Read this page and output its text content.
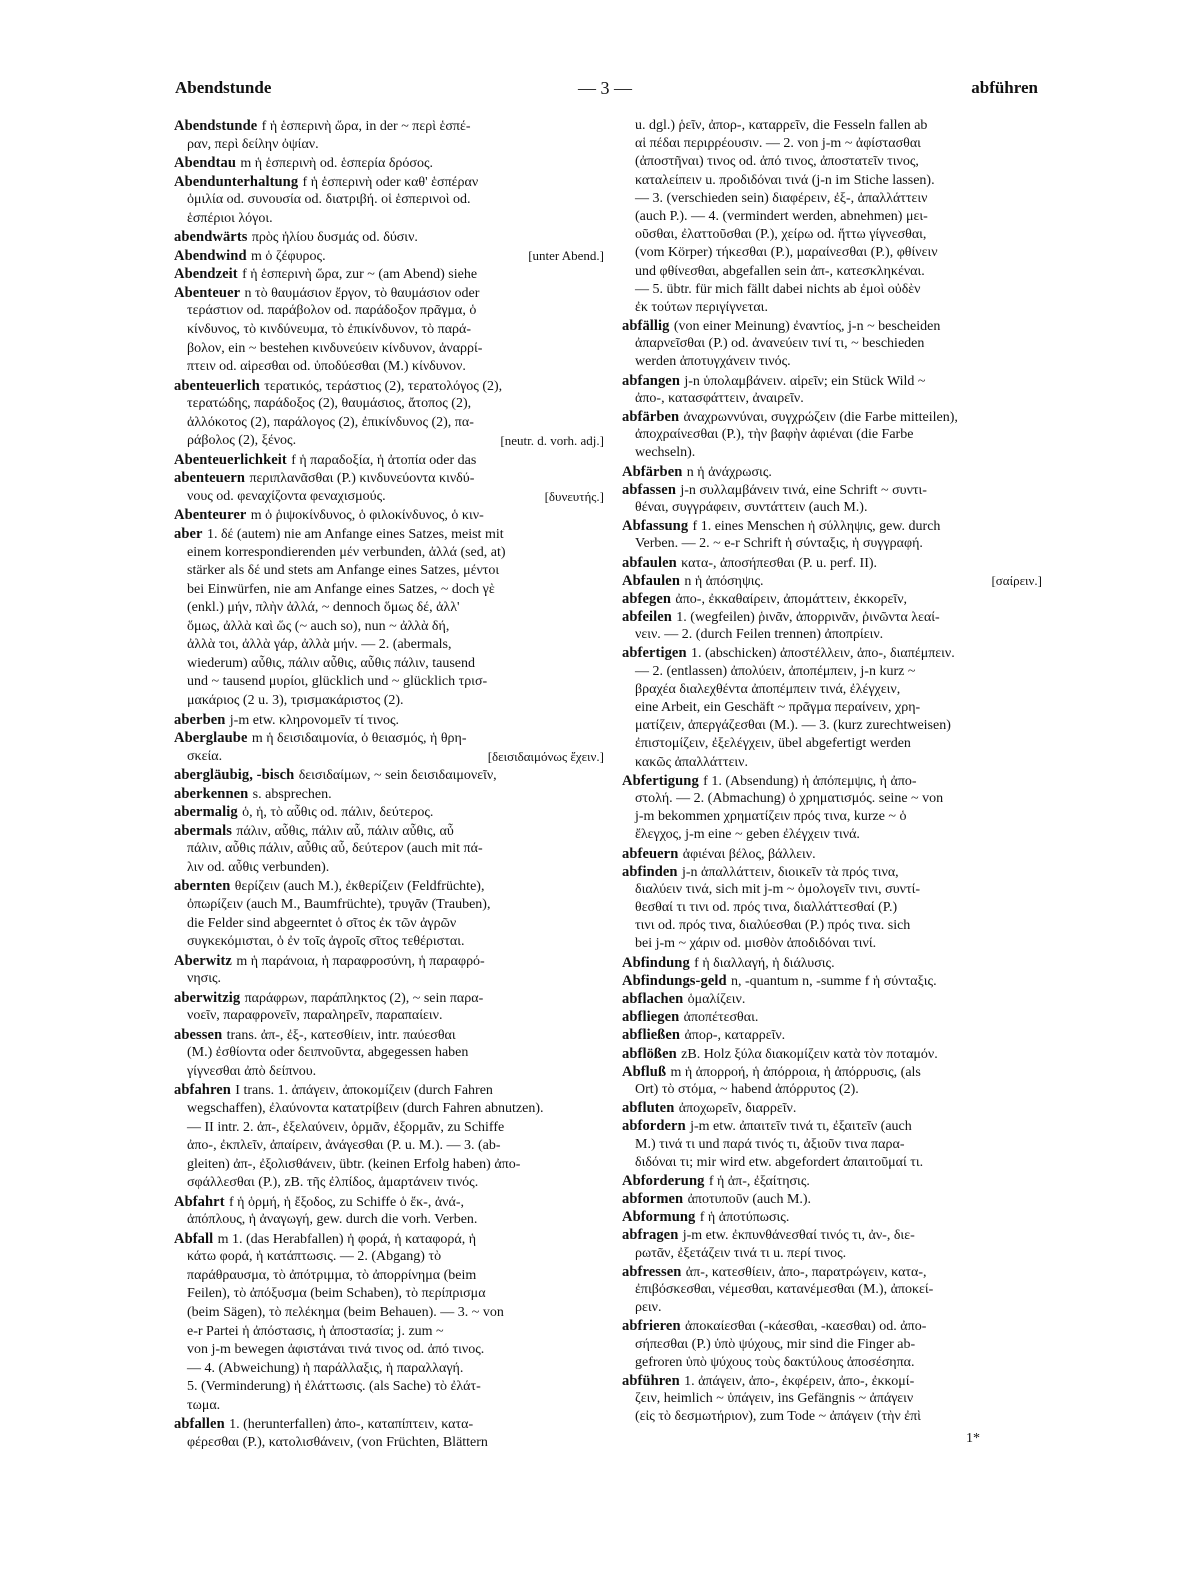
Abendstunde	— 3 —	abführen
Abendstunde f ἡ ἑσπερινὴ ὥρα, in der ~ περὶ ἑσπέ-
ραν, περὶ δείλην ὀψίαν.
Abendtau m ἡ ἑσπερινὴ od. ἑσπερία δρόσος.
Abendunterhaltung f ἡ ἑσπερινὴ oder καθ' ἑσπέραν
ὁμιλία od. συνουσία od. διατριβή. οἱ ἑσπερινοὶ od.
ἑσπέριοι λόγοι.
abendwärts πρὸς ἡλίου δυσμάς od. δύσιν.
Abendwind m ὁ ζέφυρος.	[unter Abend.]
Abendzeit f ἡ ἑσπερινὴ ὥρα, zur ~ (am Abend) siehe
Abenteuer n τὸ θαυμάσιον ἔργον, τὸ θαυμάσιον oder
τεράστιον od. παράβολον od. παράδοξον πρᾶγμα, ὁ
κίνδυνος, τὸ κινδύνευμα, τὸ ἐπικίνδυνον, τὸ παρά-
βολον, ein ~ bestehen κινδυνεύειν κίνδυνον, ἀναρρί-
πτειν od. αἱρεσθαι od. ὑποδύεσθαι (M.) κίνδυνον.
abenteuerlich τερατικός, τεράστιος (2), τερατολόγος (2),
τερατώδης, παράδοξος (2), θαυμάσιος, ἄτοπος (2),
ἀλλόκοτος (2), παράλογος (2), ἐπικίνδυνος (2), πα-
ράβολος (2), ξένος.	[neutr. d. vorh. adj.]
Abenteuerlichkeit f ἡ παραδοξία, ἡ ἀτοπία oder das
abenteuern περιπλανᾶσθαι (P.) κινδυνεύοντα κινδύ-
νους od. φεναχίζοντα φεναχισμούς.	[δυνευτής.]
Abenteurer m ὁ ῥιψοκίνδυνος, ὁ φιλοκίνδυνος, ὁ κιν-
aber 1. δέ (autem) nie am Anfange eines Satzes, meist mit
einem korrespondierenden μέν verbunden, ἀλλά (sed, at)
stärker als δέ und stets am Anfange eines Satzes, μέντοι
bei Einwürfen, nie am Anfange eines Satzes, ~ doch γὲ
(enkl.) μήν, πλὴν ἀλλά, ~ dennoch ὅμως δέ, ἀλλ'
ὅμως, ἀλλὰ καὶ ὥς (~ auch so), nun ~ ἀλλὰ δή,
ἀλλὰ τοι, ἀλλὰ γάρ, ἀλλὰ μήν. — 2. (abermals,
wiederum) αὖθις, πάλιν αὖθις, αὖθις πάλιν, tausend
und ~ tausend μυρίοι, glücklich und ~ glücklich τρισ-
μακάριος (2 u. 3), τρισμακάριστος (2).
aberben j-m etw. κληρονομεῖν τί τινος.
Aberglaube m ἡ δεισιδαιμονία, ὁ θειασμός, ἡ θρη-
σκεία.	[δεισιδαιμόνως ἔχειν.]
abergläubig, -bisch δεισιδαίμων, ~ sein δεισιδαιμονεῖν,
aberkennen s. absprechen.
abermalig ὁ, ἡ, τὸ αὖθις od. πάλιν, δεύτερος.
abermals πάλιν, αὖθις, πάλιν αὖ, πάλιν αὖθις, αὖ
πάλιν, αὖθις πάλιν, αὖθις αὖ, δεύτερον (auch mit πά-
λιν od. αὖθις verbunden).
abernten θερίζειν (auch M.), ἐκθερίζειν (Feldfrüchte),
ὀπωρίζειν (auch M., Baumfrüchte), τρυγᾶν (Trauben),
die Felder sind abgeerntet ὁ σῖτος ἐκ τῶν ἀγρῶν
συγκεκόμισται, ὁ ἐν τοῖς ἀγροῖς σῖτος τεθέρισται.
Aberwitz m ἡ παράνοια, ἡ παραφροσύνη, ἡ παραφρό-
νησις.
aberwitzig παράφρων, παράπληκτος (2), ~ sein παρα-
νοεῖν, παραφρονεῖν, παραληρεῖν, παραπαίειν.
abessen trans. ἀπ-, ἐξ-, κατεσθίειν, intr. παύεσθαι
(M.) ἐσθίοντα oder δειπνοῦντα, abgegessen haben
γίγνεσθαι ἀπὸ δείπνου.
abfahren I trans. 1. ἀπάγειν, ἀποκομίζειν (durch Fahren
wegschaffen), ἐλαύνοντα κατατρίβειν (durch Fahren abnutzen).
— II intr. 2. ἀπ-, ἐξελαύνειν, ὁρμᾶν, ἐξορμᾶν, zu Schiffe
ἀπο-, ἐκπλεῖν, ἀπαίρειν, ἀνάγεσθαι (P. u. M.). — 3. (ab-
gleiten) ἀπ-, ἐξολισθάνειν, übtr. (keinen Erfolg haben) ἀπο-
σφάλλεσθαι (P.), zB. τῆς ἐλπίδος, ἁμαρτάνειν τινός.
Abfahrt f ἡ ὁρμή, ἡ ἔξοδος, zu Schiffe ὁ ἔκ-, ἀνά-,
ἀπόπλους, ἡ ἀναγωγή, gew. durch die vorh. Verben.
Abfall m 1. (das Herabfallen) ἡ φορά, ἡ καταφορά, ἡ
κάτω φορά, ἡ κατάπτωσις. — 2. (Abgang) τὸ
παράθραυσμα, τὸ ἀπότριμμα, τὸ ἀπορρίνημα (beim
Feilen), τὸ ἀπόξυσμα (beim Schaben), τὸ περίπρισμα
(beim Sägen), τὸ πελέκημα (beim Behauen). — 3. ~ von
e-r Partei ἡ ἀπόστασις, ἡ ἀποστασία; j. zum ~
von j-m bewegen ἀφιστάναι τινά τινος od. ἀπό τινος.
— 4. (Abweichung) ἡ παράλλαξις, ἡ παραλλαγή.
5. (Verminderung) ἡ ἐλάττωσις. (als Sache) τὸ ἐλάτ-
τωμα.
abfallen 1. (herunterfallen) ἀπο-, καταπίπτειν, κατα-
φέρεσθαι (P.), κατολισθάνειν, (von Früchten, Blättern
u. dgl.) ῥεῖν, ἀπορ-, καταρρεῖν, die Fesseln fallen ab
αἱ πέδαι περιρρέουσιν. — 2. von j-m ~ ἀφίστασθαι
(ἀποστῆναι) τινος od. ἀπό τινος, ἀποστατεῖν τινος,
καταλείπειν u. προδιδόναι τινά (j-n im Stiche lassen).
— 3. (verschieden sein) διαφέρειν, ἐξ-, ἀπαλλάττειν
(auch P.). — 4. (vermindert werden, abnehmen) μει-
οῦσθαι, ἐλαττοῦσθαι (P.), χείρω od. ἥττω γίγνεσθαι,
(vom Körper) τήκεσθαι (P.), μαραίνεσθαι (P.), φθίνειν
und φθίνεσθαι, abgefallen sein ἀπ-, κατεσκληκέναι.
— 5. übtr. für mich fällt dabei nichts ab ἐμοὶ οὐδὲν
ἐκ τούτων περιγίγνεται.
abfällig (von einer Meinung) ἐναντίος, j-n ~ bescheiden
ἀπαρνεῖσθαι (P.) od. ἀνανεύειν τινί τι, ~ beschieden
werden ἀποτυγχάνειν τινός.
abfangen j-n ὑπολαμβάνειν. αἱρεῖν; ein Stück Wild ~
ἀπο-, κατασφάττειν, ἀναιρεῖν.
abfärben ἀναχρωννύναι, συγχρώζειν (die Farbe mitteilen),
ἀποχραίνεσθαι (P.), τὴν βαφὴν ἀφιέναι (die Farbe
wechseln).
Abfärben n ἡ ἀνάχρωσις.
abfassen j-n συλλαμβάνειν τινά, eine Schrift ~ συντι-
θέναι, συγγράφειν, συντάττειν (auch M.).
Abfassung f 1. eines Menschen ἡ σύλληψις, gew. durch
Verben. — 2. ~ e-r Schrift ἡ σύνταξις, ἡ συγγραφή.
abfaulen κατα-, ἀποσήπεσθαι (P. u. perf. II).
Abfaulen n ἡ ἀπόσηψις.	[σαίρειν.]
abfegen ἀπο-, ἐκκαθαίρειν, ἀπομάττειν, ἐκκορεῖν,
abfeilen 1. (wegfeilen) ῥινᾶν, ἀπορρινᾶν, ῥινῶντα λεαί-
νειν. — 2. (durch Feilen trennen) ἀποπρίειν.
abfertigen 1. (abschicken) ἀποστέλλειν, ἀπο-, διαπέμπειν.
— 2. (entlassen) ἀπολύειν, ἀποπέμπειν, j-n kurz ~
βραχέα διαλεχθέντα ἀποπέμπειν τινά, ἐλέγχειν,
eine Arbeit, ein Geschäft ~ πρᾶγμα περαίνειν, χρη-
ματίζειν, ἀπεργάζεσθαι (M.). — 3. (kurz zurechtweisen)
ἐπιστομίζειν, ἐξελέγχειν, übel abgefertigt werden
κακῶς ἀπαλλάττειν.
Abfertigung f 1. (Absendung) ἡ ἀπόπεμψις, ἡ ἀπο-
στολή. — 2. (Abmachung) ὁ χρηματισμός. seine ~ von
j-m bekommen χρηματίζειν πρός τινα, kurze ~ ὁ
ἔλεγχος, j-m eine ~ geben ἐλέγχειν τινά.
abfeuern ἀφιέναι βέλος, βάλλειν.
abfinden j-n ἀπαλλάττειν, διοικεῖν τὰ πρός τινα,
διαλύειν τινά, sich mit j-m ~ ὁμολογεῖν τινι, συντί-
θεσθαί τι τινι od. πρός τινα, διαλλάττεσθαί (P.)
τινι od. πρός τινα, διαλύεσθαι (P.) πρός τινα. sich
bei j-m ~ χάριν od. μισθὸν ἀποδιδόναι τινί.
Abfindung f ἡ διαλλαγή, ἡ διάλυσις.
Abfindungs-geld n, -quantum n, -summe f ἡ σύνταξις.
abflachen ὁμαλίζειν.
abfliegen ἀποπέτεσθαι.
abfließen ἀπορ-, καταρρεῖν.
abflößen zB. Holz ξύλα διακομίζειν κατὰ τὸν ποταμόν.
Abfluß m ἡ ἀπορροή, ἡ ἀπόρροια, ἡ ἀπόρρυσις, (als
Ort) τὸ στόμα, ~ habend ἀπόρρυτος (2).
abfluten ἀποχωρεῖν, διαρρεῖν.
abfordern j-m etw. ἀπαιτεῖν τινά τι, ἐξαιτεῖν (auch
M.) τινά τι und παρά τινός τι, ἀξιοῦν τινα παρα-
διδόναι τι; mir wird etw. abgefordert ἀπαιτοῦμαί τι.
Abforderung f ἡ ἀπ-, ἐξαίτησις.
abformen ἀποτυποῦν (auch M.).
Abformung f ἡ ἀποτύπωσις.
abfragen j-m etw. ἐκπυνθάνεσθαί τινός τι, ἀν-, διε-
ρωτᾶν, ἐξετάζειν τινά τι u. περί τινος.
abfressen ἀπ-, κατεσθίειν, ἀπο-, παρατρώγειν, κατα-,
ἐπιβόσκεσθαι, νέμεσθαι, κατανέμεσθαι (M.), ἀποκεί-
ρειν.
abfrieren ἀποκαίεσθαι (-κάεσθαι, -καεσθαι) od. ἀπο-
σήπεσθαι (P.) ὑπὸ ψύχους, mir sind die Finger ab-
gefroren ὑπὸ ψύχους τοὺς δακτύλους ἀποσέσηπα.
abführen 1. ἀπάγειν, ἀπο-, ἐκφέρειν, ἀπο-, ἐκκομί-
ζειν, heimlich ~ ὑπάγειν, ins Gefängnis ~ ἀπάγειν
(εἰς τὸ δεσμωτήριον), zum Tode ~ ἀπάγειν (τὴν ἐπὶ
1*
